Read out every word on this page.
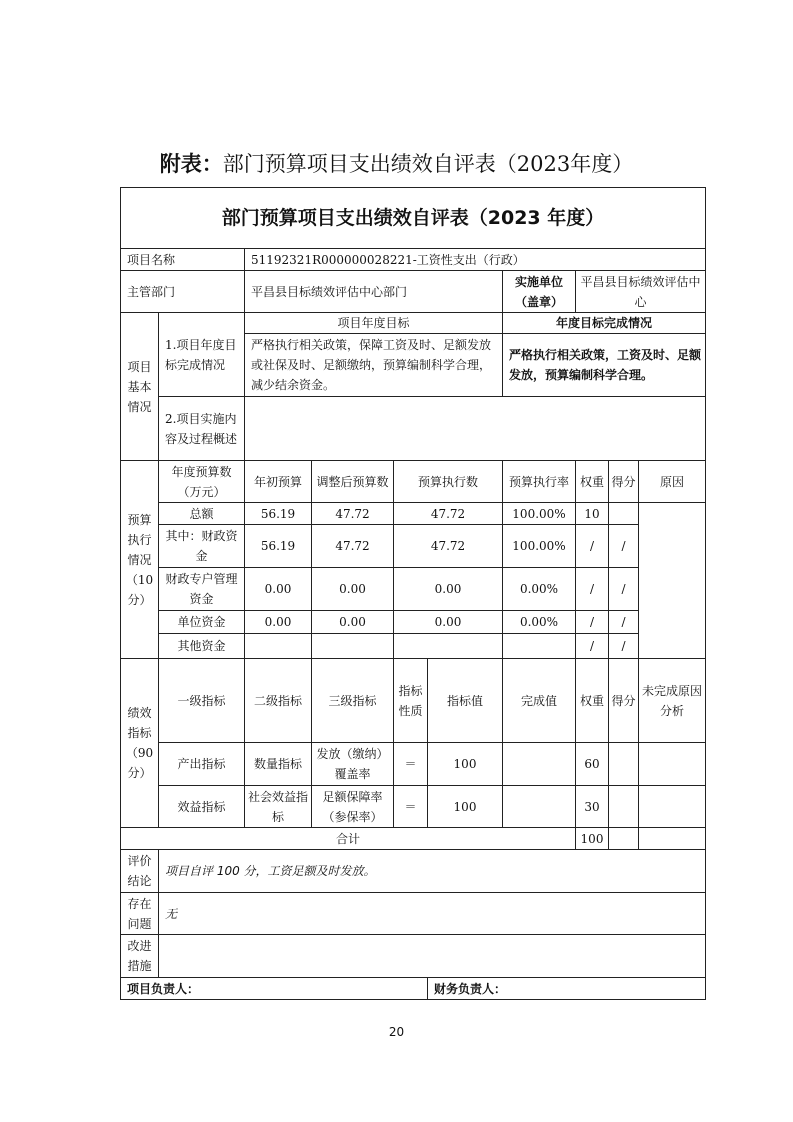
附表：部门预算项目支出绩效自评表（2023年度）
部门预算项目支出绩效自评表（2023 年度）									
项目名称		51192321R000000028221-工资性支出（行政）							
主管部门		平昌县目标绩效评估中心部门				实施单位（盖章）	平昌县目标绩效评估中心		
项目基本情况	1.项目年度目标完成情况	项目年度目标				年度目标完成情况			
		严格执行相关政策，保障工资及时、足额发放或社保及时、足额缴纳，预算编制科学合理，减少结余资金。				严格执行相关政策，工资及时、足额发放，预算编制科学合理。			
	2.项目实施内容及过程概述								
预算执行情况（10分）	年度预算数（万元）	年初预算	调整后预算数	预算执行数		预算执行率	权重	得分	原因
	总额	56.19	47.72	47.72		100.00%	10		
	其中：财政资金	56.19	47.72	47.72		100.00%	/	/	
	财政专户管理资金	0.00	0.00	0.00		0.00%	/	/	
	单位资金	0.00	0.00	0.00		0.00%	/	/	
	其他资金						/	/	
绩效指标（90分）	一级指标	二级指标	三级指标	指标性质	指标值	完成值	权重	得分	未完成原因分析
	产出指标	数量指标	发放（缴纳）覆盖率	＝	100		60		
	效益指标	社会效益指标	足额保障率（参保率）	＝	100		30		
合计							100		
评价结论	项目自评 100 分，工资足额及时发放。								
存在问题	无								
改进措施									
项目负责人：					财务负责人：				
20
